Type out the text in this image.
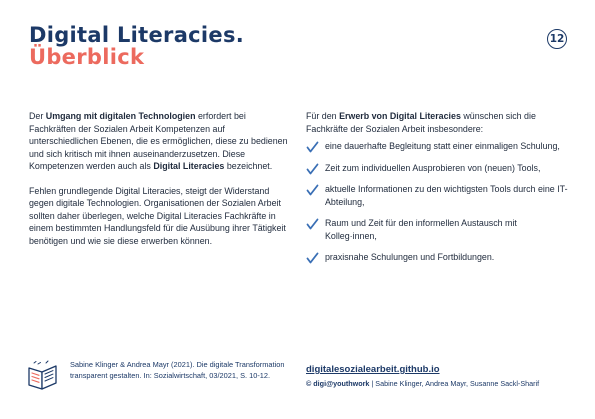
Digital Literacies.
Überblick
12

Der Umgang mit digitalen Technologien erfordert bei Fachkräften der Sozialen Arbeit Kompetenzen auf unterschiedlichen Ebenen, die es ermöglichen, diese zu bedienen und sich kritisch mit ihnen auseinanderzusetzen. Diese Kompetenzen werden auch als Digital Literacies bezeichnet.

Fehlen grundlegende Digital Literacies, steigt der Widerstand gegen digitale Technologien. Organisationen der Sozialen Arbeit sollten daher überlegen, welche Digital Literacies Fachkräfte in einem bestimmten Handlungsfeld für die Ausübung ihrer Tätigkeit benötigen und wie sie diese erwerben können.

Für den Erwerb von Digital Literacies wünschen sich die Fachkräfte der Sozialen Arbeit insbesondere:

eine dauerhafte Begleitung statt einer einmaligen Schulung,
Zeit zum individuellen Ausprobieren von (neuen) Tools,
aktuelle Informationen zu den wichtigsten Tools durch eine IT-Abteilung,
Raum und Zeit für den informellen Austausch mit Kolleg·innen,
praxisnahe Schulungen und Fortbildungen.

Sabine Klinger & Andrea Mayr (2021). Die digitale Transformation transparent gestalten. In: Sozialwirtschaft, 03/2021, S. 10-12.	digitalesozialearbeit.github.io

© digi@youthwork | Sabine Klinger, Andrea Mayr, Susanne Sackl-Sharif
